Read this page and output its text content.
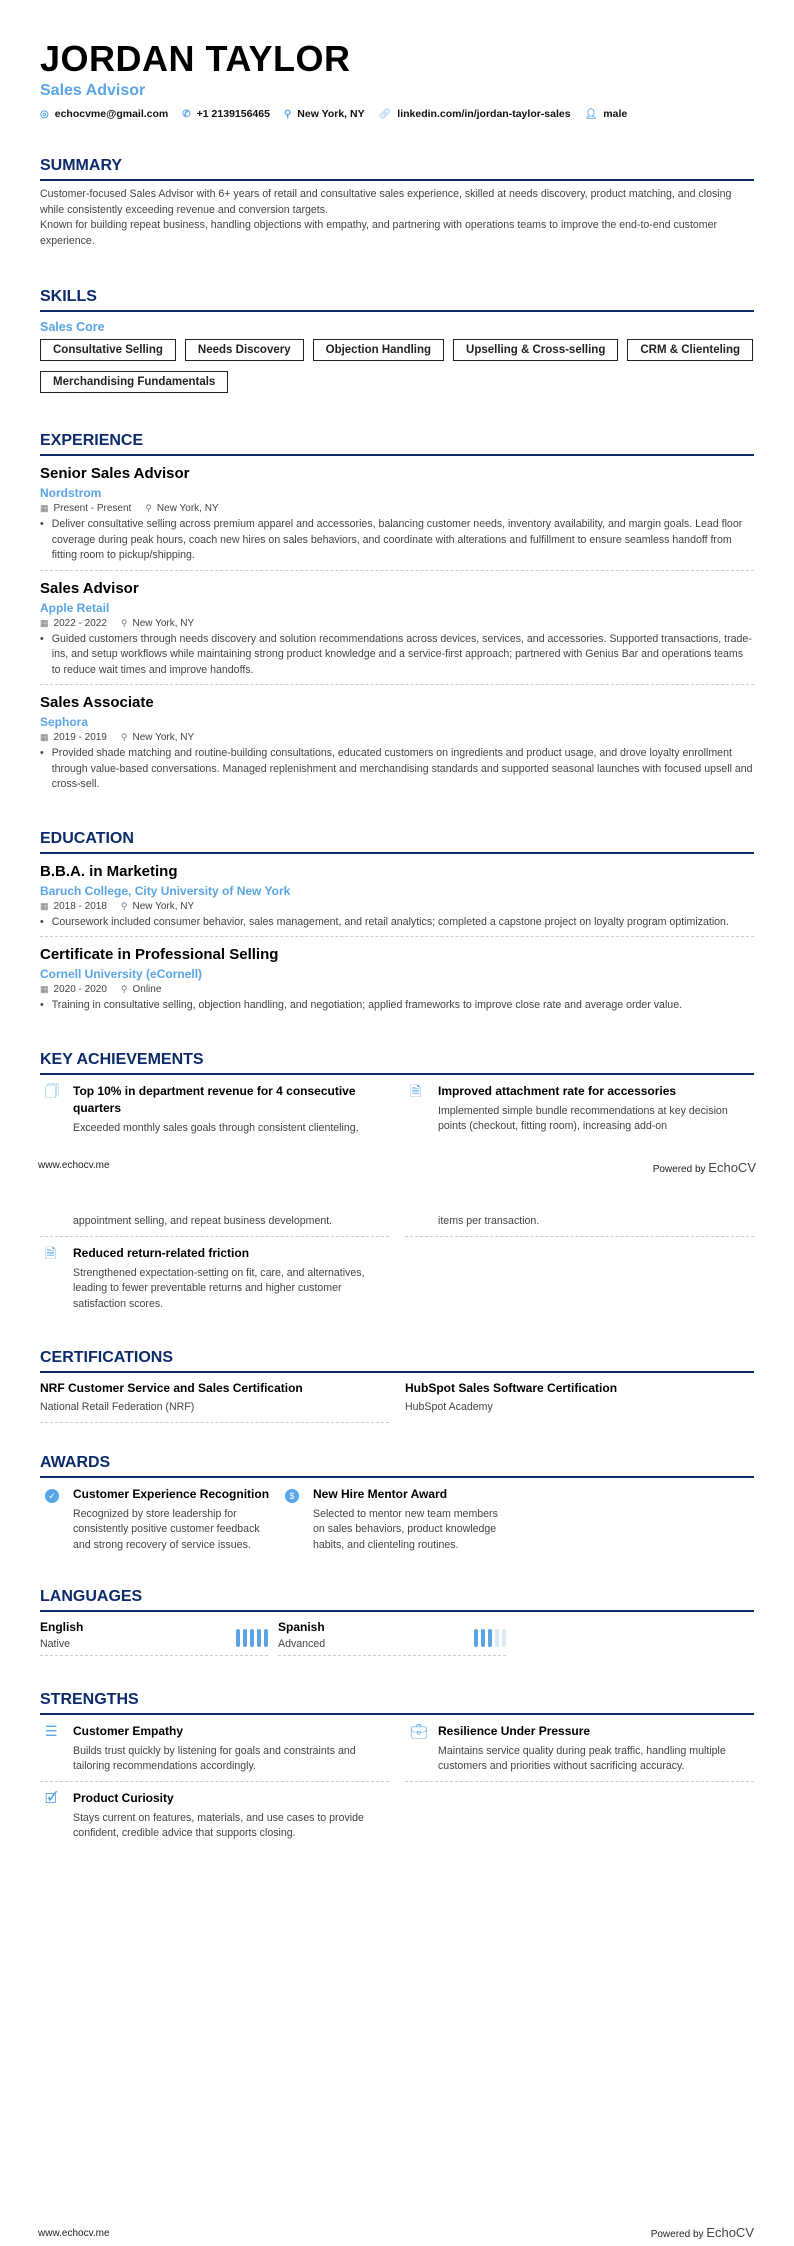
JORDAN TAYLOR
Sales Advisor
◎ echocvme@gmail.com ✆ +1 2139156465 ⚲ New York, NY 🔗︎ linkedin.com/in/jordan-taylor-sales 👤︎ male
SUMMARY

Customer-focused Sales Advisor with 6+ years of retail and consultative sales experience, skilled at needs discovery, product matching, and closing while consistently exceeding revenue and conversion targets.

Known for building repeat business, handling objections with empathy, and partnering with operations teams to improve the end-to-end customer experience.

SKILLS
Sales Core
Consultative Selling	Needs Discovery	Objection Handling	Upselling & Cross-selling	CRM & Clienteling
Merchandising Fundamentals
EXPERIENCE
Senior Sales Advisor
Nordstrom
▦ Present - Present ⚲ New York, NY
• Deliver consultative selling across premium apparel and accessories, balancing customer needs, inventory availability, and margin goals. Lead floor coverage during peak hours, coach new hires on sales behaviors, and coordinate with alterations and fulfillment to ensure seamless handoff from fitting room to pickup/shipping.
Sales Advisor
Apple Retail
▦ 2022 - 2022 ⚲ New York, NY
• Guided customers through needs discovery and solution recommendations across devices, services, and accessories. Supported transactions, trade-ins, and setup workflows while maintaining strong product knowledge and a service-first approach; partnered with Genius Bar and operations teams to reduce wait times and improve handoffs.
Sales Associate
Sephora
▦ 2019 - 2019 ⚲ New York, NY
• Provided shade matching and routine-building consultations, educated customers on ingredients and product usage, and drove loyalty enrollment through value-based conversations. Managed replenishment and merchandising standards and supported seasonal launches with focused upsell and cross-sell.
EDUCATION
B.B.A. in Marketing
Baruch College, City University of New York
▦ 2018 - 2018 ⚲ New York, NY
• Coursework included consumer behavior, sales management, and retail analytics; completed a capstone project on loyalty program optimization.
Certificate in Professional Selling
Cornell University (eCornell)
▦ 2020 - 2020 ⚲ Online
• Training in consultative selling, objection handling, and negotiation; applied frameworks to improve close rate and average order value.
KEY ACHIEVEMENTS
🗍︎ Top 10% in department revenue for 4 consecutive quarters

Exceeded monthly sales goals through consistent clienteling,

🗎︎ Improved attachment rate for accessories

Implemented simple bundle recommendations at key decision points (checkout, fitting room), increasing add-on

www.echocv.me	Powered by EchoCV

appointment selling, and repeat business development.	items per transaction.

🗎︎ Reduced return-related friction

Strengthened expectation-setting on fit, care, and alternatives, leading to fewer preventable returns and higher customer satisfaction scores.

CERTIFICATIONS
NRF Customer Service and Sales Certification

National Retail Federation (NRF)

HubSpot Sales Software Certification

HubSpot Academy

AWARDS
✓ Customer Experience Recognition

Recognized by store leadership for consistently positive customer feedback and strong recovery of service issues.

$	New Hire Mentor Award

Selected to mentor new team members on sales behaviors, product knowledge habits, and clienteling routines.

LANGUAGES
English
Native
Spanish
Advanced
STRENGTHS
☰ Customer Empathy

Builds trust quickly by listening for goals and constraints and tailoring recommendations accordingly.

💼︎ Resilience Under Pressure

Maintains service quality during peak traffic, handling multiple customers and priorities without sacrificing accuracy.

🗹︎ Product Curiosity

Stays current on features, materials, and use cases to provide confident, credible advice that supports closing.

www.echocv.me	Powered by EchoCV
